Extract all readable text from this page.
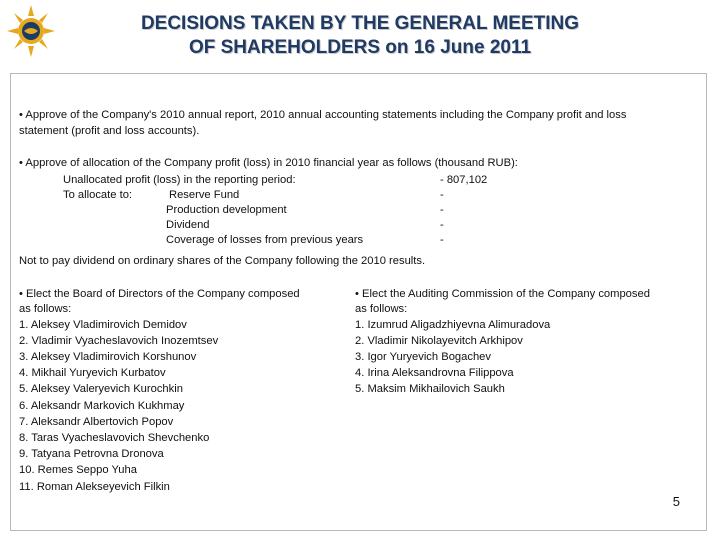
DECISIONS TAKEN BY THE GENERAL MEETING
OF SHAREHOLDERS on 16 June 2011
• Approve of the Company's 2010 annual report, 2010 annual accounting statements including the Company profit and loss
statement (profit and loss accounts).
• Approve of allocation of the Company profit (loss) in 2010 financial year as follows (thousand RUB):
Unallocated profit (loss) in the reporting period:	- 807,102
To allocate to:	Reserve Fund	-
Production development	-
Dividend	-
Coverage of losses from previous years	-
Not to pay dividend on ordinary shares of the Company following the 2010 results.
• Elect the Board of Directors of the Company composed
as follows:
1. Aleksey Vladimirovich Demidov
2. Vladimir Vyacheslavovich Inozemtsev
3. Aleksey Vladimirovich Korshunov
4. Mikhail Yuryevich Kurbatov
5. Aleksey Valeryevich Kurochkin
6. Aleksandr Markovich Kukhmay
7. Aleksandr Albertovich Popov
8. Taras Vyacheslavovich Shevchenko
9. Tatyana Petrovna Dronova
10. Remes Seppo Yuha
11. Roman Alekseyevich Filkin
• Elect the Auditing Commission of the Company composed
as follows:
1. Izumrud Aligadzhiyevna Alimuradova
2. Vladimir Nikolayevitch Arkhipov
3. Igor Yuryevich Bogachev
4. Irina Aleksandrovna Filippova
5. Maksim Mikhailovich Saukh
5
